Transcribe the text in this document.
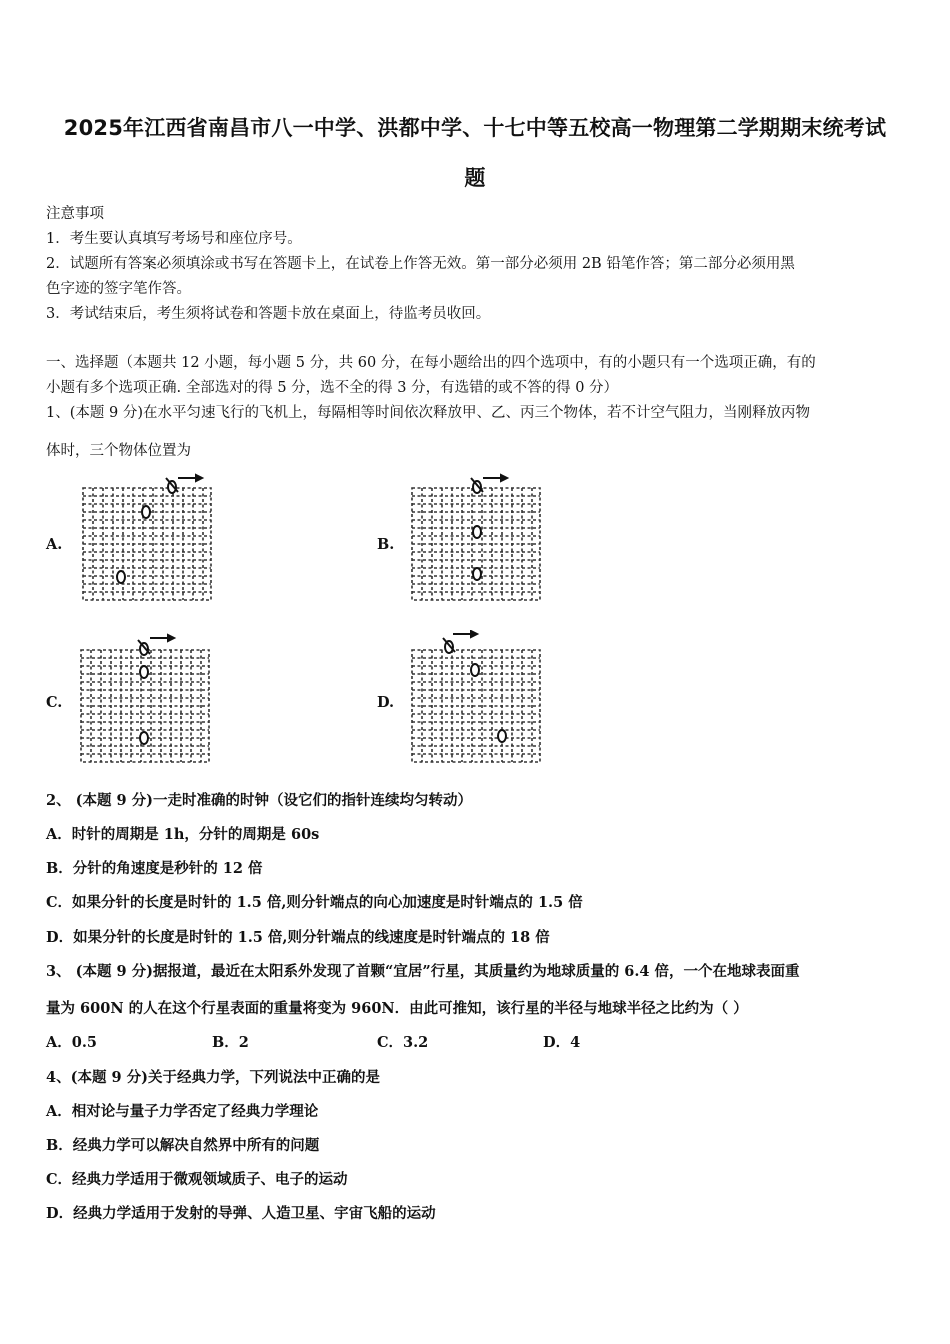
2025年江西省南昌市八一中学、洪都中学、十七中等五校高一物理第二学期期末统考试
题
注意事项
1．考生要认真填写考场号和座位序号。
2．试题所有答案必须填涂或书写在答题卡上，在试卷上作答无效。第一部分必须用 2B 铅笔作答；第二部分必须用黑
色字迹的签字笔作答。
3．考试结束后，考生须将试卷和答题卡放在桌面上，待监考员收回。
一、选择题（本题共 12 小题，每小题 5 分，共 60 分，在每小题给出的四个选项中，有的小题只有一个选项正确，有的
小题有多个选项正确. 全部选对的得 5 分，选不全的得 3 分，有选错的或不答的得 0 分）
1、(本题 9 分)在水平匀速飞行的飞机上，每隔相等时间依次释放甲、乙、丙三个物体，若不计空气阻力，当刚释放丙物
体时，三个物体位置为
A.	B.
C.	D.
2、 (本题 9 分)一走时准确的时钟（设它们的指针连续均匀转动）
A．时针的周期是 1h，分针的周期是 60s
B．分针的角速度是秒针的 12 倍
C．如果分针的长度是时针的 1.5 倍,则分针端点的向心加速度是时针端点的 1.5 倍
D．如果分针的长度是时针的 1.5 倍,则分针端点的线速度是时针端点的 18 倍
3、 (本题 9 分)据报道，最近在太阳系外发现了首颗“宜居”行星，其质量约为地球质量的 6.4 倍，一个在地球表面重
量为 600N 的人在这个行星表面的重量将变为 960N．由此可推知，该行星的半径与地球半径之比约为（ ）
A．0.5	B．2	C．3.2	D．4
4、(本题 9 分)关于经典力学，下列说法中正确的是
A．相对论与量子力学否定了经典力学理论
B．经典力学可以解决自然界中所有的问题
C．经典力学适用于微观领域质子、电子的运动
D．经典力学适用于发射的导弹、人造卫星、宇宙飞船的运动
